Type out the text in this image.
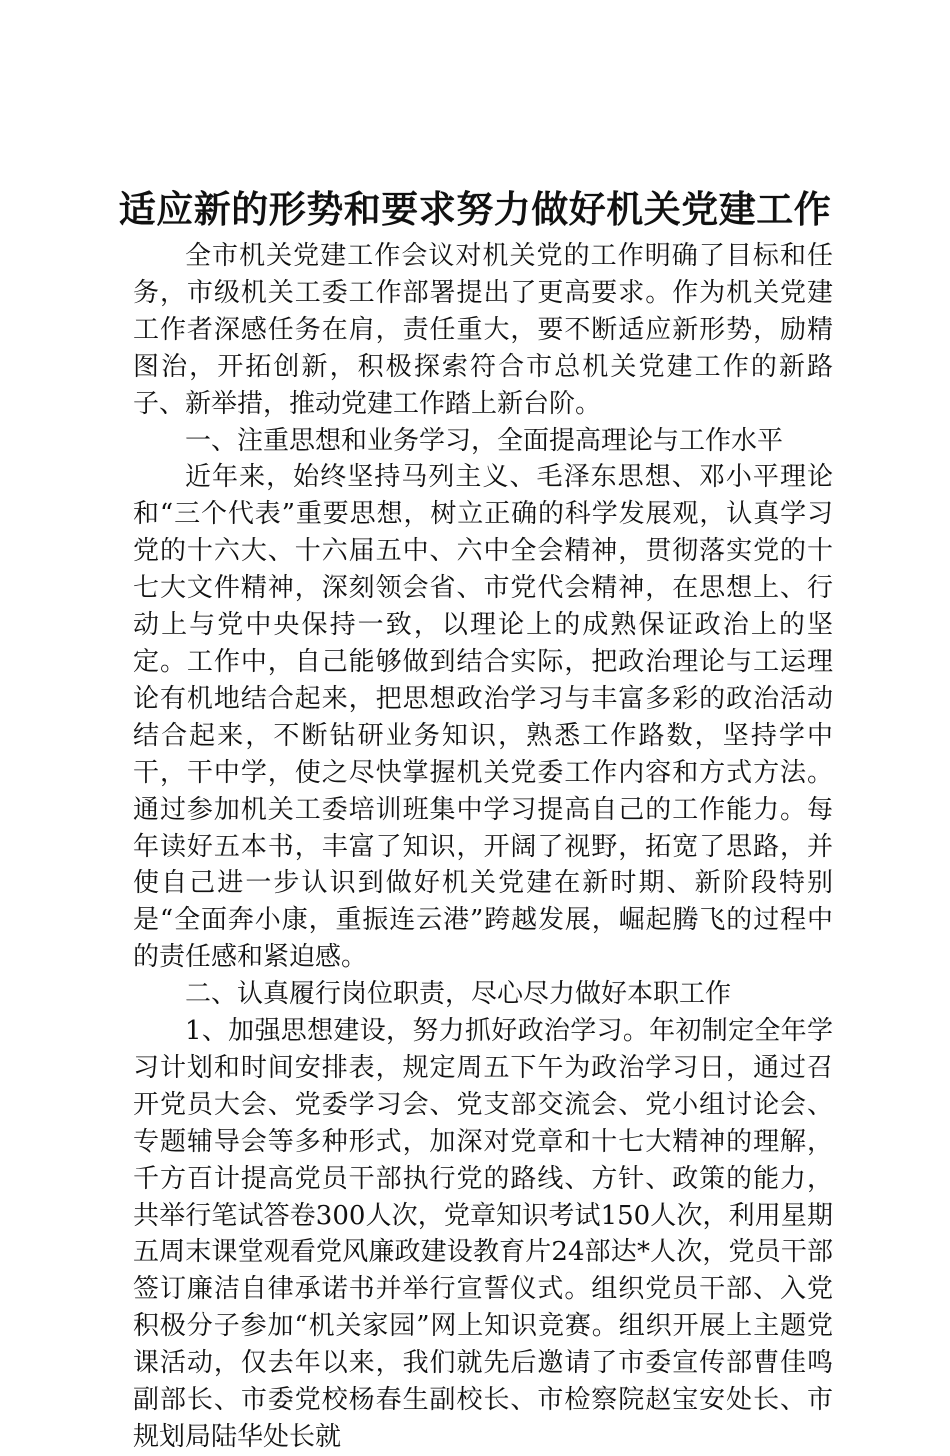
适应新的形势和要求努力做好机关党建工作

全市机关党建工作会议对机关党的工作明确了目标和任务，市级机关工委工作部署提出了更高要求。作为机关党建工作者深感任务在肩，责任重大，要不断适应新形势，励精图治，开拓创新，积极探索符合市总机关党建工作的新路子、新举措，推动党建工作踏上新台阶。

一、注重思想和业务学习，全面提高理论与工作水平

近年来，始终坚持马列主义、毛泽东思想、邓小平理论和“三个代表”重要思想，树立正确的科学发展观，认真学习党的十六大、十六届五中、六中全会精神，贯彻落实党的十七大文件精神，深刻领会省、市党代会精神，在思想上、行动上与党中央保持一致，以理论上的成熟保证政治上的坚定。工作中，自己能够做到结合实际，把政治理论与工运理论有机地结合起来，把思想政治学习与丰富多彩的政治活动结合起来，不断钻研业务知识，熟悉工作路数，坚持学中干，干中学，使之尽快掌握机关党委工作内容和方式方法。通过参加机关工委培训班集中学习提高自己的工作能力。每年读好五本书，丰富了知识，开阔了视野，拓宽了思路，并使自己进一步认识到做好机关党建在新时期、新阶段特别是“全面奔小康，重振连云港”跨越发展，崛起腾飞的过程中的责任感和紧迫感。

二、认真履行岗位职责，尽心尽力做好本职工作

1、加强思想建设，努力抓好政治学习。年初制定全年学习计划和时间安排表，规定周五下午为政治学习日，通过召开党员大会、党委学习会、党支部交流会、党小组讨论会、专题辅导会等多种形式，加深对党章和十七大精神的理解，千方百计提高党员干部执行党的路线、方针、政策的能力，共举行笔试答卷300人次，党章知识考试150人次，利用星期五周末课堂观看党风廉政建设教育片24部达*人次，党员干部签订廉洁自律承诺书并举行宣誓仪式。组织党员干部、入党积极分子参加“机关家园”网上知识竞赛。组织开展上主题党课活动，仅去年以来，我们就先后邀请了市委宣传部曹佳鸣副部长、市委党校杨春生副校长、市检察院赵宝安处长、市规划局陆华处长就
